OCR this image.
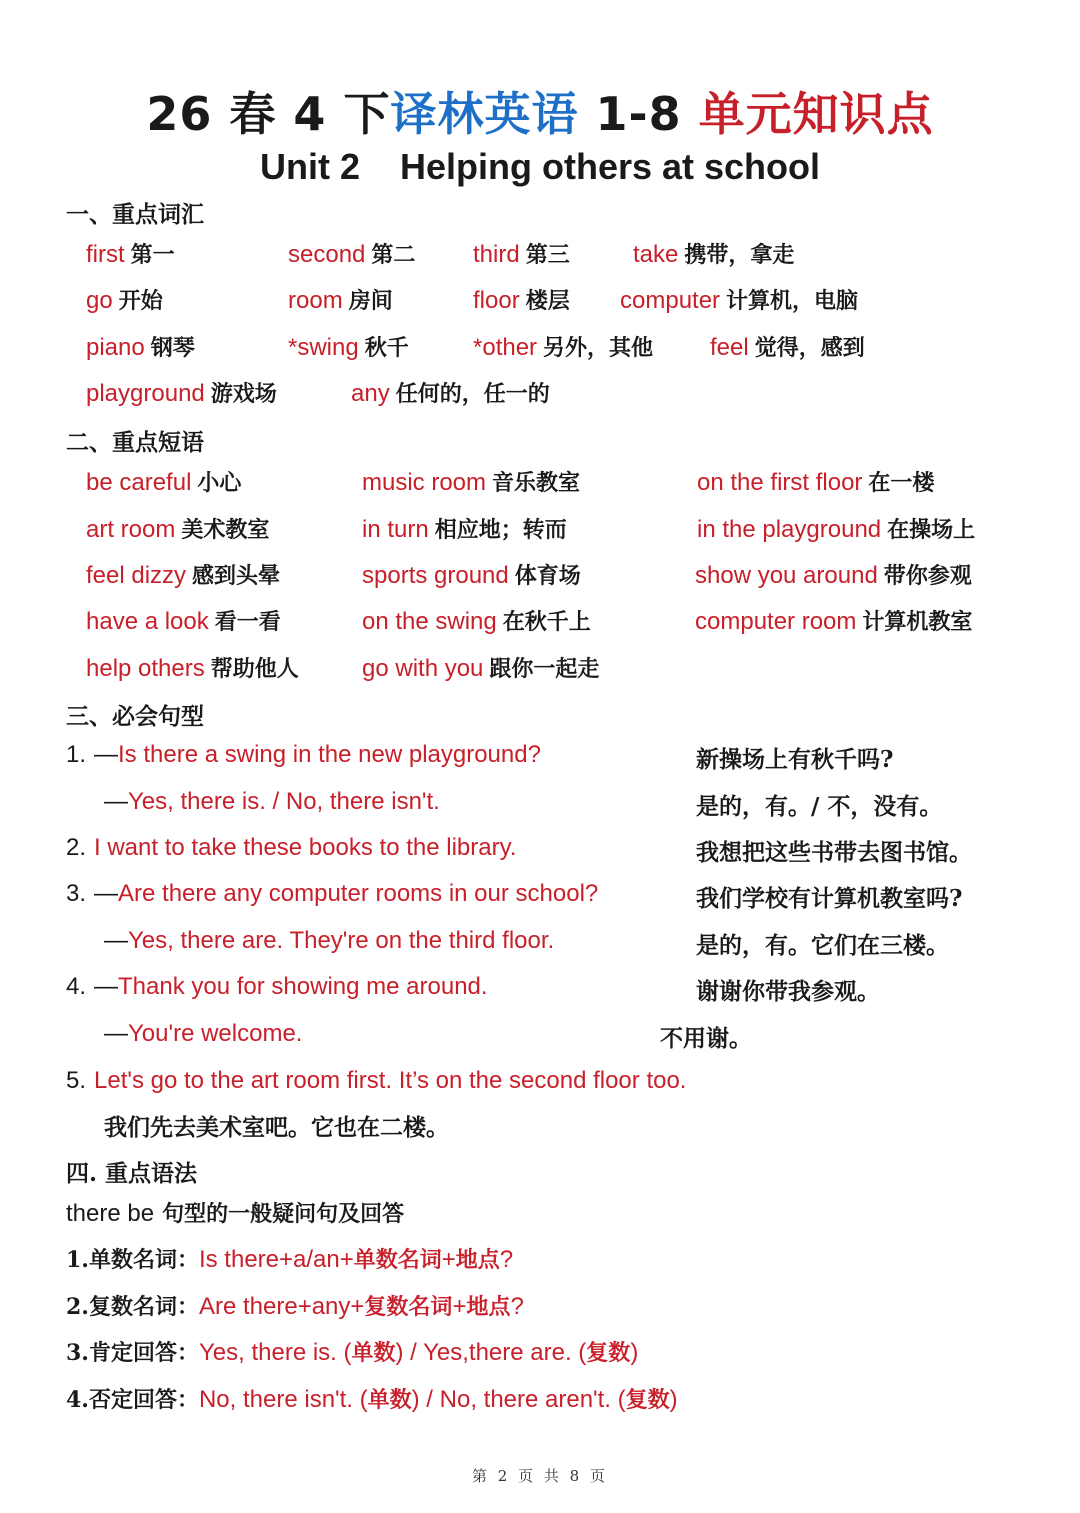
26 春 4 下译林英语 1-8 单元知识点
Unit 2 Helping others at school
一、重点词汇
first 第一	second 第二 third 第三	take 携带，拿走
go 开始	room 房间	floor 楼层 computer 计算机，电脑
piano 钢琴	*swing 秋千	*other 另外，其他 feel 觉得，感到
playground 游戏场	any 任何的，任一的
二、重点短语
be careful 小心	music room 音乐教室	on the first floor 在一楼
art room 美术教室	in turn 相应地；转而	in the playground 在操场上
feel dizzy 感到头晕	sports ground 体育场	show you around 带你参观
have a look 看一看	on the swing 在秋千上	computer room 计算机教室
help others 帮助他人	go with you 跟你一起走
三、必会句型
1. —Is there a swing in the new playground?	新操场上有秋千吗?
—Yes, there is. / No, there isn't.	是的，有。/ 不，没有。
2. I want to take these books to the library.	我想把这些书带去图书馆。
3. —Are there any computer rooms in our school?	我们学校有计算机教室吗?
—Yes, there are. They're on the third floor.	是的，有。它们在三楼。
4. —Thank you for showing me around.	谢谢你带我参观。
—You're welcome.	不用谢。
5. Let's go to the art room first. It’s on the second floor too.
我们先去美术室吧。它也在二楼。
四. 重点语法
there be 句型的一般疑问句及回答
1.单数名词：Is there+a/an+单数名词+地点?
2.复数名词：Are there+any+复数名词+地点?
3.肯定回答：Yes, there is. (单数) / Yes,there are. (复数)
4.否定回答：No, there isn't. (单数) / No, there aren't. (复数)
第 2 页 共 8 页
